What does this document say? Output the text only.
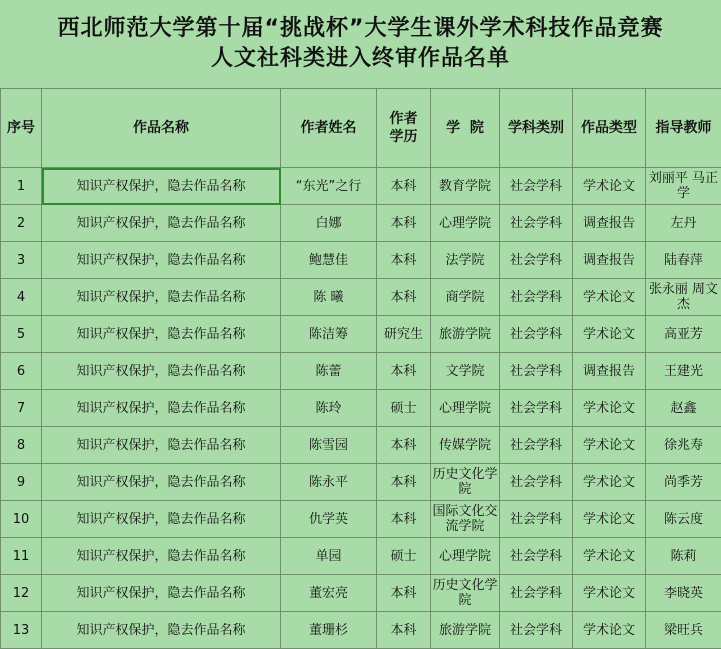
西北师范大学第十届“挑战杯”大学生课外学术科技作品竞赛
人文社科类进入终审作品名单
序号	作品名称	作者姓名	作者学历	学  院	学科类别	作品类型	指导教师
1	知识产权保护，隐去作品名称	“东光”之行	本科	教育学院	社会学科	学术论文	刘丽平 马正学
2	知识产权保护，隐去作品名称	白娜	本科	心理学院	社会学科	调查报告	左丹
3	知识产权保护，隐去作品名称	鲍慧佳	本科	法学院	社会学科	调查报告	陆春萍
4	知识产权保护，隐去作品名称	陈 曦	本科	商学院	社会学科	学术论文	张永丽 周文杰
5	知识产权保护，隐去作品名称	陈洁筹	研究生	旅游学院	社会学科	学术论文	高亚芳
6	知识产权保护，隐去作品名称	陈蕾	本科	文学院	社会学科	调查报告	王建光
7	知识产权保护，隐去作品名称	陈玲	硕士	心理学院	社会学科	学术论文	赵鑫
8	知识产权保护，隐去作品名称	陈雪园	本科	传媒学院	社会学科	学术论文	徐兆寿
9	知识产权保护，隐去作品名称	陈永平	本科	历史文化学院	社会学科	学术论文	尚季芳
10	知识产权保护，隐去作品名称	仇学英	本科	国际文化交流学院	社会学科	学术论文	陈云度
11	知识产权保护，隐去作品名称	单园	硕士	心理学院	社会学科	学术论文	陈莉
12	知识产权保护，隐去作品名称	董宏亮	本科	历史文化学院	社会学科	学术论文	李晓英
13	知识产权保护，隐去作品名称	董珊杉	本科	旅游学院	社会学科	学术论文	梁旺兵
